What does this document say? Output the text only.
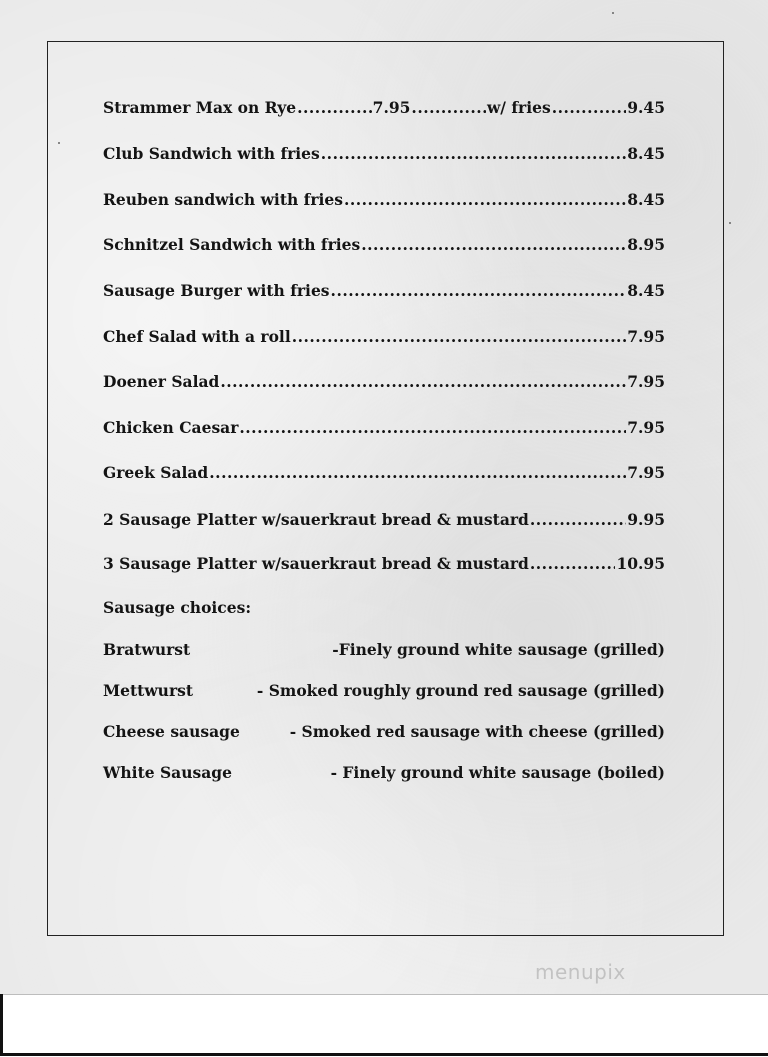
Strammer Max on Rye .....	7.95 .....	w/ fries .....	9.45
Club Sandwich with fries .....	8.45
Reuben sandwich with fries .....	8.45
Schnitzel Sandwich with fries .....	8.95
Sausage Burger with fries .....	8.45
Chef Salad with a roll .....	7.95
Doener Salad .....	7.95
Chicken Caesar .....	7.95
Greek Salad .....	7.95
2 Sausage Platter w/sauerkraut bread & mustard .....	9.95
3 Sausage Platter w/sauerkraut bread & mustard .....	10.95
Sausage choices:
Bratwurst	-Finely ground white sausage (grilled)
Mettwurst	- Smoked roughly ground red sausage (grilled)
Cheese sausage	- Smoked red sausage with cheese (grilled)
White Sausage	- Finely ground white sausage (boiled)
menupix
